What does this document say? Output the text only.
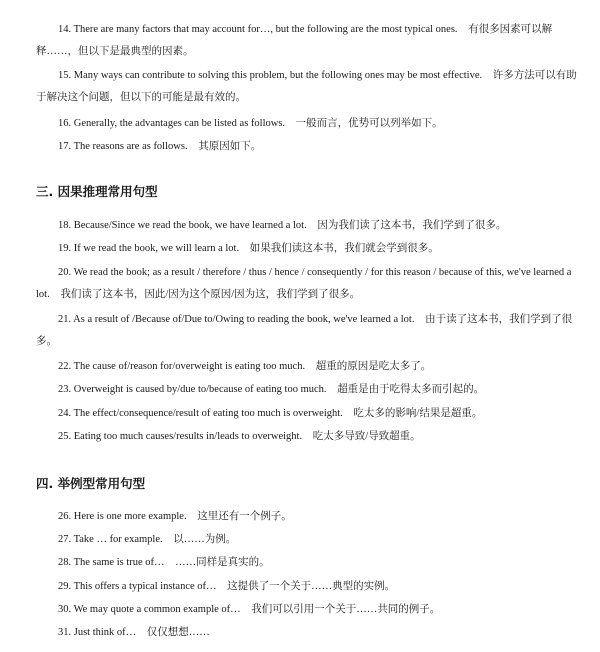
14. There are many factors that may account for…, but the following are the most typical ones. 有很多因素可以解释……，但以下是最典型的因素。

15. Many ways can contribute to solving this problem, but the following ones may be most effective. 许多方法可以有助于解决这个问题，但以下的可能是最有效的。

16. Generally, the advantages can be listed as follows. 一般而言，优势可以列举如下。

17. The reasons are as follows. 其原因如下。

三. 因果推理常用句型

18. Because/Since we read the book, we have learned a lot. 因为我们读了这本书，我们学到了很多。

19. If we read the book, we will learn a lot. 如果我们读这本书，我们就会学到很多。

20. We read the book; as a result / therefore / thus / hence / consequently / for this reason / because of this, we've learned a lot. 我们读了这本书，因此/因为这个原因/因为这，我们学到了很多。

21. As a result of /Because of/Due to/Owing to reading the book, we've learned a lot. 由于读了这本书，我们学到了很多。

22. The cause of/reason for/overweight is eating too much. 超重的原因是吃太多了。

23. Overweight is caused by/due to/because of eating too much. 超重是由于吃得太多而引起的。

24. The effect/consequence/result of eating too much is overweight. 吃太多的影响/结果是超重。

25. Eating too much causes/results in/leads to overweight. 吃太多导致/导致超重。

四. 举例型常用句型

26. Here is one more example. 这里还有一个例子。

27. Take … for example. 以……为例。

28. The same is true of… ……同样是真实的。

29. This offers a typical instance of… 这提供了一个关于……典型的实例。

30. We may quote a common example of… 我们可以引用一个关于……共同的例子。

31. Just think of… 仅仅想想……
